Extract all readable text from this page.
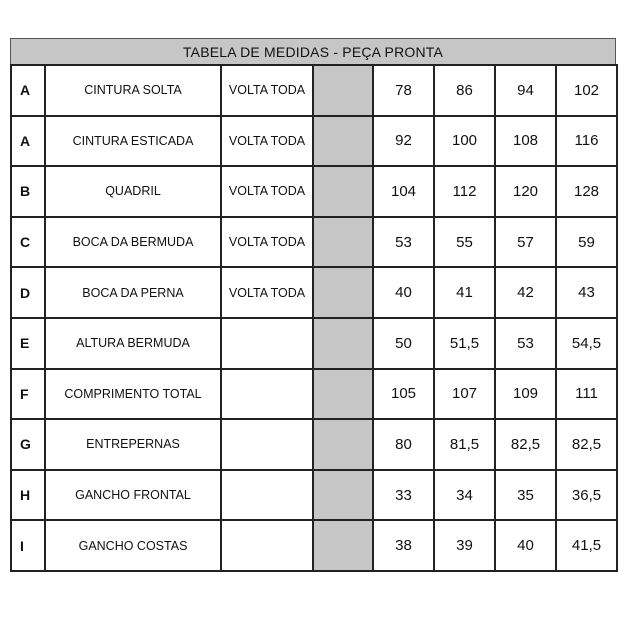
TABELA DE MEDIDAS - PEÇA PRONTA
A	CINTURA SOLTA	VOLTA TODA		78	86	94	102
A	CINTURA ESTICADA	VOLTA TODA		92	100	108	116
B	QUADRIL	VOLTA TODA		104	112	120	128
C	BOCA DA BERMUDA	VOLTA TODA		53	55	57	59
D	BOCA DA PERNA	VOLTA TODA		40	41	42	43
E	ALTURA BERMUDA			50	51,5	53	54,5
F	COMPRIMENTO TOTAL			105	107	109	111
G	ENTREPERNAS			80	81,5	82,5	82,5
H	GANCHO FRONTAL			33	34	35	36,5
I	GANCHO COSTAS			38	39	40	41,5
